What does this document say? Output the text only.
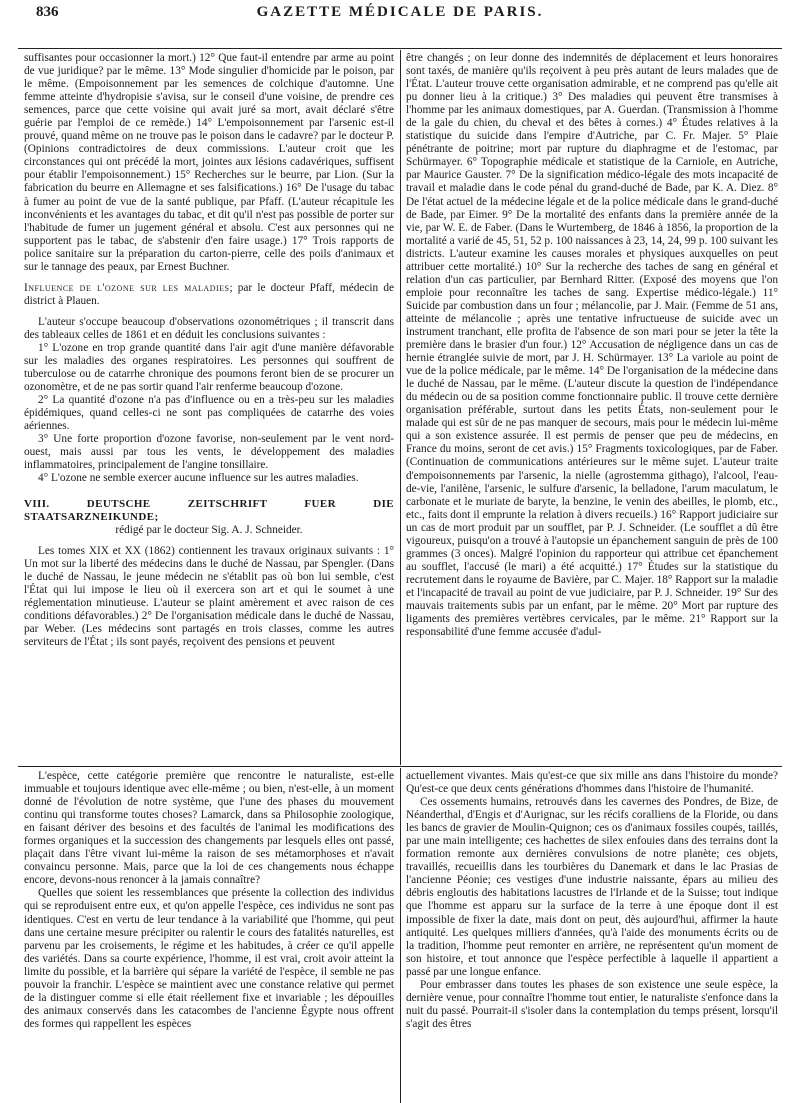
836	GAZETTE MÉDICALE DE PARIS.

suffisantes pour occasionner la mort.) 12° Que faut-il entendre par arme au point de vue juridique? par le même. 13° Mode singulier d'homicide par le poison, par le même. (Empoisonnement par les semences de colchique d'automne. Une femme atteinte d'hydropisie s'avisa, sur le conseil d'une voisine, de prendre ces semences, parce que cette voisine qui avait juré sa mort, avait déclaré s'être guérie par l'emploi de ce remède.) 14° L'empoisonnement par l'arsenic est-il prouvé, quand même on ne trouve pas le poison dans le cadavre? par le docteur P. (Opinions contradictoires de deux commissions. L'auteur croit que les circonstances qui ont précédé la mort, jointes aux lésions cadavériques, suffisent pour établir l'empoisonnement.) 15° Recherches sur le beurre, par Lion. (Sur la fabrication du beurre en Allemagne et ses falsifications.) 16° De l'usage du tabac à fumer au point de vue de la santé publique, par Pfaff. (L'auteur récapitule les inconvénients et les avantages du tabac, et dit qu'il n'est pas possible de porter sur l'habitude de fumer un jugement général et absolu. C'est aux personnes qui ne supportent pas le tabac, de s'abstenir d'en faire usage.) 17° Trois rapports de police sanitaire sur la préparation du carton-pierre, celle des poils d'animaux et sur le tannage des peaux, par Ernest Buchner.

Influence de l'ozone sur les maladies; par le docteur Pfaff, médecin de district à Plauen.

L'auteur s'occupe beaucoup d'observations ozonométriques ; il transcrit dans des tableaux celles de 1861 et en déduit les conclusions suivantes :

1° L'ozone en trop grande quantité dans l'air agit d'une manière défavorable sur les maladies des organes respiratoires. Les personnes qui souffrent de tuberculose ou de catarrhe chronique des poumons feront bien de se procurer un ozonomètre, et de ne pas sortir quand l'air renferme beaucoup d'ozone.

2° La quantité d'ozone n'a pas d'influence ou en a très-peu sur les maladies épidémiques, quand celles-ci ne sont pas compliquées de catarrhe des voies aériennes.

3° Une forte proportion d'ozone favorise, non-seulement par le vent nord-ouest, mais aussi par tous les vents, le développement des maladies inflammatoires, principalement de l'angine tonsillaire.

4° L'ozone ne semble exercer aucune influence sur les autres maladies.

VIII. DEUTSCHE ZEITSCHRIFT FUER DIE STAATSARZNEIKUNDE;

rédigé par le docteur Sig. A. J. Schneider.

Les tomes XIX et XX (1862) contiennent les travaux originaux suivants : 1° Un mot sur la liberté des médecins dans le duché de Nassau, par Spengler. (Dans le duché de Nassau, le jeune médecin ne s'établit pas où bon lui semble, c'est l'État qui lui impose le lieu où il exercera son art et qui le soumet à une réglementation minutieuse. L'auteur se plaint amèrement et avec raison de ces conditions défavorables.) 2° De l'organisation médicale dans le duché de Nassau, par Weber. (Les médecins sont partagés en trois classes, comme les autres serviteurs de l'État ; ils sont payés, reçoivent des pensions et peuvent

être changés ; on leur donne des indemnités de déplacement et leurs honoraires sont taxés, de manière qu'ils reçoivent à peu près autant de leurs malades que de l'État. L'auteur trouve cette organisation admirable, et ne comprend pas qu'elle ait pu donner lieu à la critique.) 3° Des maladies qui peuvent être transmises à l'homme par les animaux domestiques, par A. Guerdan. (Transmission à l'homme de la gale du chien, du cheval et des bêtes à cornes.) 4° Études relatives à la statistique du suicide dans l'empire d'Autriche, par C. Fr. Majer. 5° Plaie pénétrante de poitrine; mort par rupture du diaphragme et de l'estomac, par Schürmayer. 6° Topographie médicale et statistique de la Carniole, en Autriche, par Maurice Gauster. 7° De la signification médico-légale des mots incapacité de travail et maladie dans le code pénal du grand-duché de Bade, par K. A. Diez. 8° De l'état actuel de la médecine légale et de la police médicale dans le grand-duché de Bade, par Eimer. 9° De la mortalité des enfants dans la première année de la vie, par W. E. de Faber. (Dans le Wurtemberg, de 1846 à 1856, la proportion de la mortalité a varié de 45, 51, 52 p. 100 naissances à 23, 14, 24, 99 p. 100 suivant les districts. L'auteur examine les causes morales et physiques auxquelles on peut attribuer cette mortalité.) 10° Sur la recherche des taches de sang en général et relation d'un cas particulier, par Bernhard Ritter. (Exposé des moyens que l'on emploie pour reconnaître les taches de sang. Expertise médico-légale.) 11° Suicide par combustion dans un four ; mélancolie, par J. Mair. (Femme de 51 ans, atteinte de mélancolie ; après une tentative infructueuse de suicide avec un instrument tranchant, elle profita de l'absence de son mari pour se jeter la tête la première dans le brasier d'un four.) 12° Accusation de négligence dans un cas de hernie étranglée suivie de mort, par J. H. Schürmayer. 13° La variole au point de vue de la police médicale, par le même. 14° De l'organisation de la médecine dans le duché de Nassau, par le même. (L'auteur discute la question de l'indépendance du médecin ou de sa position comme fonctionnaire public. Il trouve cette dernière organisation préférable, surtout dans les petits États, non-seulement pour le malade qui est sûr de ne pas manquer de secours, mais pour le médecin lui-même qui a son existence assurée. Il est permis de penser que peu de médecins, en France du moins, seront de cet avis.) 15° Fragments toxicologiques, par de Faber. (Continuation de communications antérieures sur le même sujet. L'auteur traite d'empoisonnements par l'arsenic, la nielle (agrostemma githago), l'alcool, l'eau-de-vie, l'anilène, l'arsenic, le sulfure d'arsenic, la belladone, l'arum maculatum, le carbonate et le muriate de baryte, la benzine, le venin des abeilles, le plomb, etc., etc., faits dont il emprunte la relation à divers recueils.) 16° Rapport judiciaire sur un cas de mort produit par un soufflet, par P. J. Schneider. (Le soufflet a dû être vigoureux, puisqu'on a trouvé à l'autopsie un épanchement sanguin de près de 100 grammes (3 onces). Malgré l'opinion du rapporteur qui attribue cet épanchement au soufflet, l'accusé (le mari) a été acquitté.) 17° Études sur la statistique du recrutement dans le royaume de Bavière, par C. Majer. 18° Rapport sur la maladie et l'incapacité de travail au point de vue judiciaire, par P. J. Schneider. 19° Sur des mauvais traitements subis par un enfant, par le même. 20° Mort par rupture des ligaments des premières vertèbres cervicales, par le même. 21° Rapport sur la responsabilité d'une femme accusée d'adul-

L'espèce, cette catégorie première que rencontre le naturaliste, est-elle immuable et toujours identique avec elle-même ; ou bien, n'est-elle, à un moment donné de l'évolution de notre système, que l'une des phases du mouvement continu qui transforme toutes choses? Lamarck, dans sa Philosophie zoologique, en faisant dériver des besoins et des facultés de l'animal les modifications des formes organiques et la succession des changements par lesquels elles ont passé, plaçait dans l'être vivant lui-même la raison de ses métamorphoses et n'avait convaincu personne. Mais, parce que la loi de ces changements nous échappe encore, devons-nous renoncer à la jamais connaître?

Quelles que soient les ressemblances que présente la collection des individus qui se reproduisent entre eux, et qu'on appelle l'espèce, ces individus ne sont pas identiques. C'est en vertu de leur tendance à la variabilité que l'homme, qui peut dans une certaine mesure précipiter ou ralentir le cours des fatalités naturelles, est parvenu par les croisements, le régime et les habitudes, à créer ce qu'il appelle des variétés. Dans sa courte expérience, l'homme, il est vrai, croit avoir atteint la limite du possible, et la barrière qui sépare la variété de l'espèce, il semble ne pas pouvoir la franchir. L'espèce se maintient avec une constance relative qui permet de la distinguer comme si elle était réellement fixe et invariable ; les dépouilles des animaux conservés dans les catacombes de l'ancienne Égypte nous offrent des formes qui rappellent les espèces

actuellement vivantes. Mais qu'est-ce que six mille ans dans l'histoire du monde? Qu'est-ce que deux cents générations d'hommes dans l'histoire de l'humanité.

Ces ossements humains, retrouvés dans les cavernes des Pondres, de Bize, de Néanderthal, d'Engis et d'Aurignac, sur les récifs coralliens de la Floride, ou dans les bancs de gravier de Moulin-Quignon; ces os d'animaux fossiles coupés, taillés, par une main intelligente; ces hachettes de silex enfouies dans des terrains dont la formation remonte aux dernières convulsions de notre planète; ces objets, travaillés, recueillis dans les tourbières du Danemark et dans le lac Prasias de l'ancienne Péonie; ces vestiges d'une industrie naissante, épars au milieu des débris engloutis des habitations lacustres de l'Irlande et de la Suisse; tout indique que l'homme est apparu sur la surface de la terre à une époque dont il est impossible de fixer la date, mais dont on peut, dès aujourd'hui, affirmer la haute antiquité. Les quelques milliers d'années, qu'à l'aide des monuments écrits ou de la tradition, l'homme peut remonter en arrière, ne représentent qu'un moment de son histoire, et tout annonce que l'espèce perfectible à laquelle il appartient a passé par une longue enfance.

Pour embrasser dans toutes les phases de son existence une seule espèce, la dernière venue, pour connaître l'homme tout entier, le naturaliste s'enfonce dans la nuit du passé. Pourrait-il s'isoler dans la contemplation du temps présent, lorsqu'il s'agit des êtres
